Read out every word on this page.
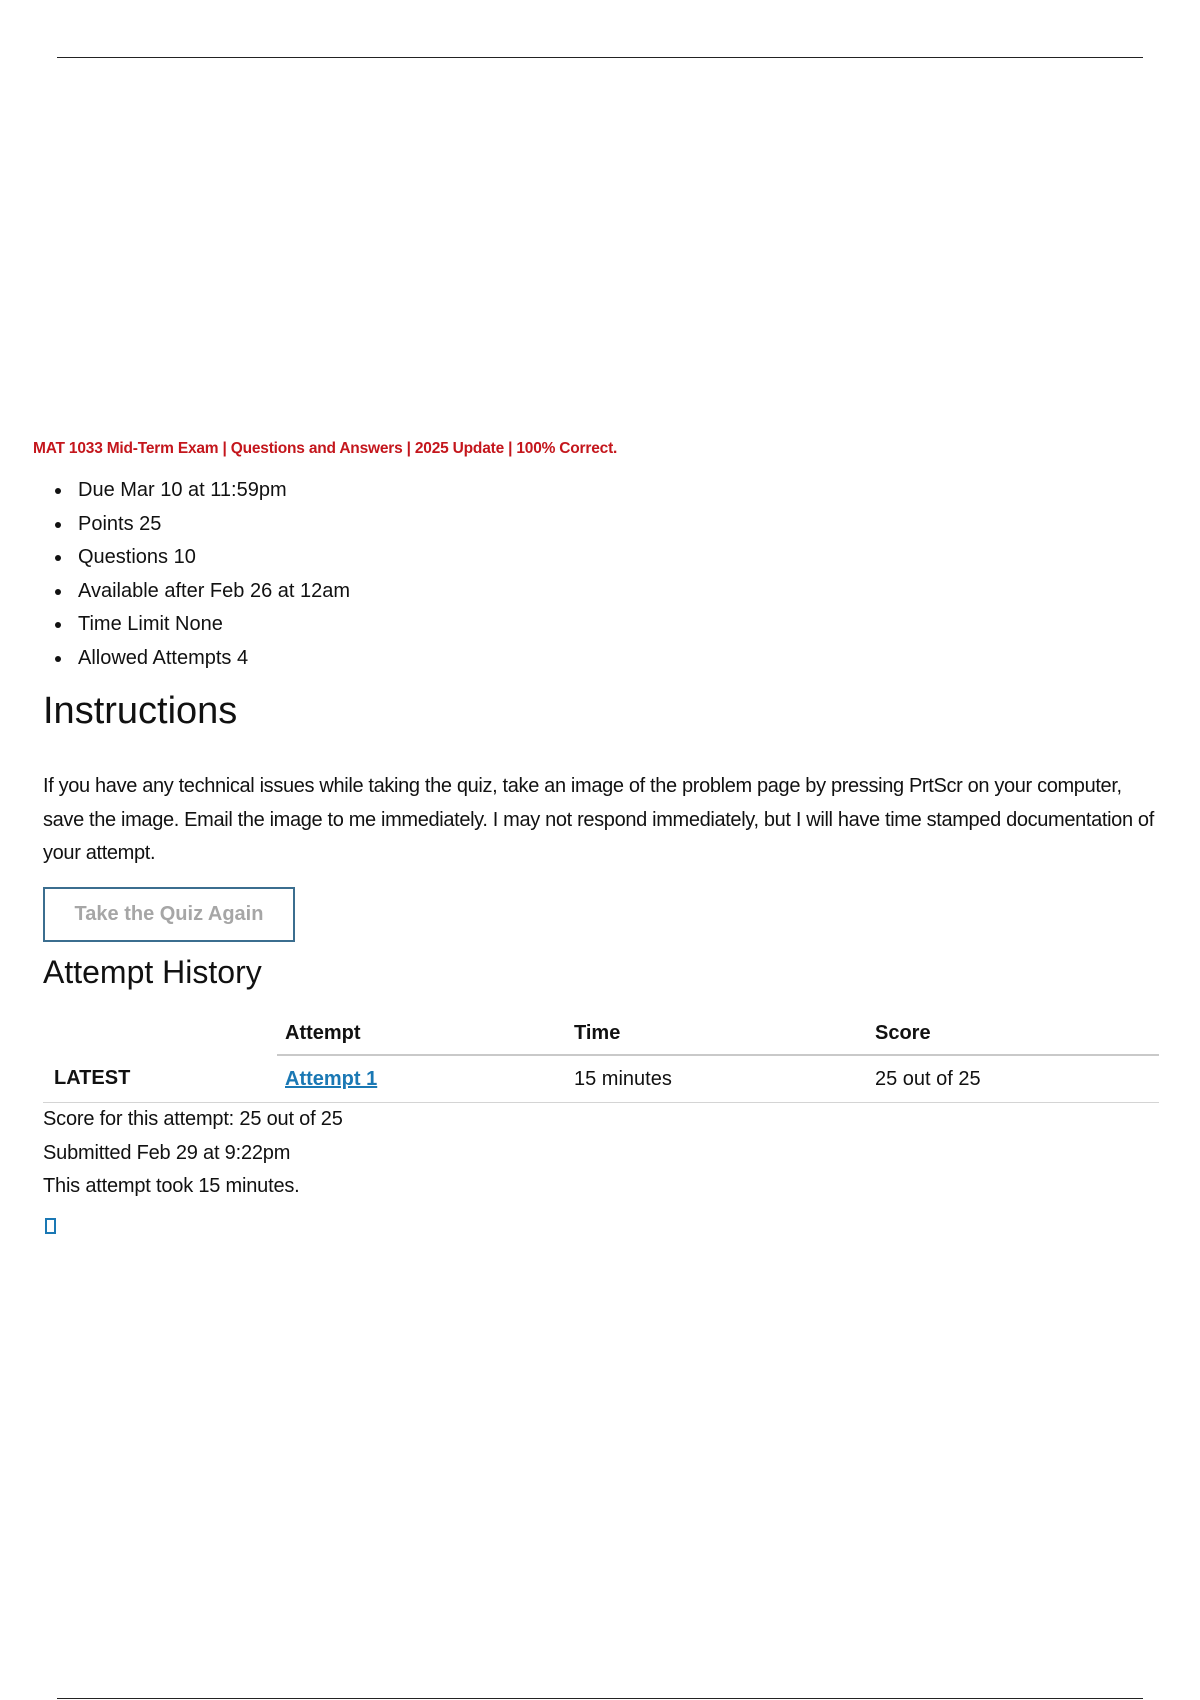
MAT 1033 Mid-Term Exam | Questions and Answers | 2025 Update | 100% Correct.
Due Mar 10 at 11:59pm
Points 25
Questions 10
Available after Feb 26 at 12am
Time Limit None
Allowed Attempts 4
Instructions

If you have any technical issues while taking the quiz, take an image of the problem page by pressing PrtScr on your computer, save the image. Email the image to me immediately. I may not respond immediately, but I will have time stamped documentation of your attempt.

Take the Quiz Again
Attempt History
	Attempt	Time	Score
LATEST	Attempt 1	15 minutes	25 out of 25
Score for this attempt: 25 out of 25
Submitted Feb 29 at 9:22pm
This attempt took 15 minutes.
